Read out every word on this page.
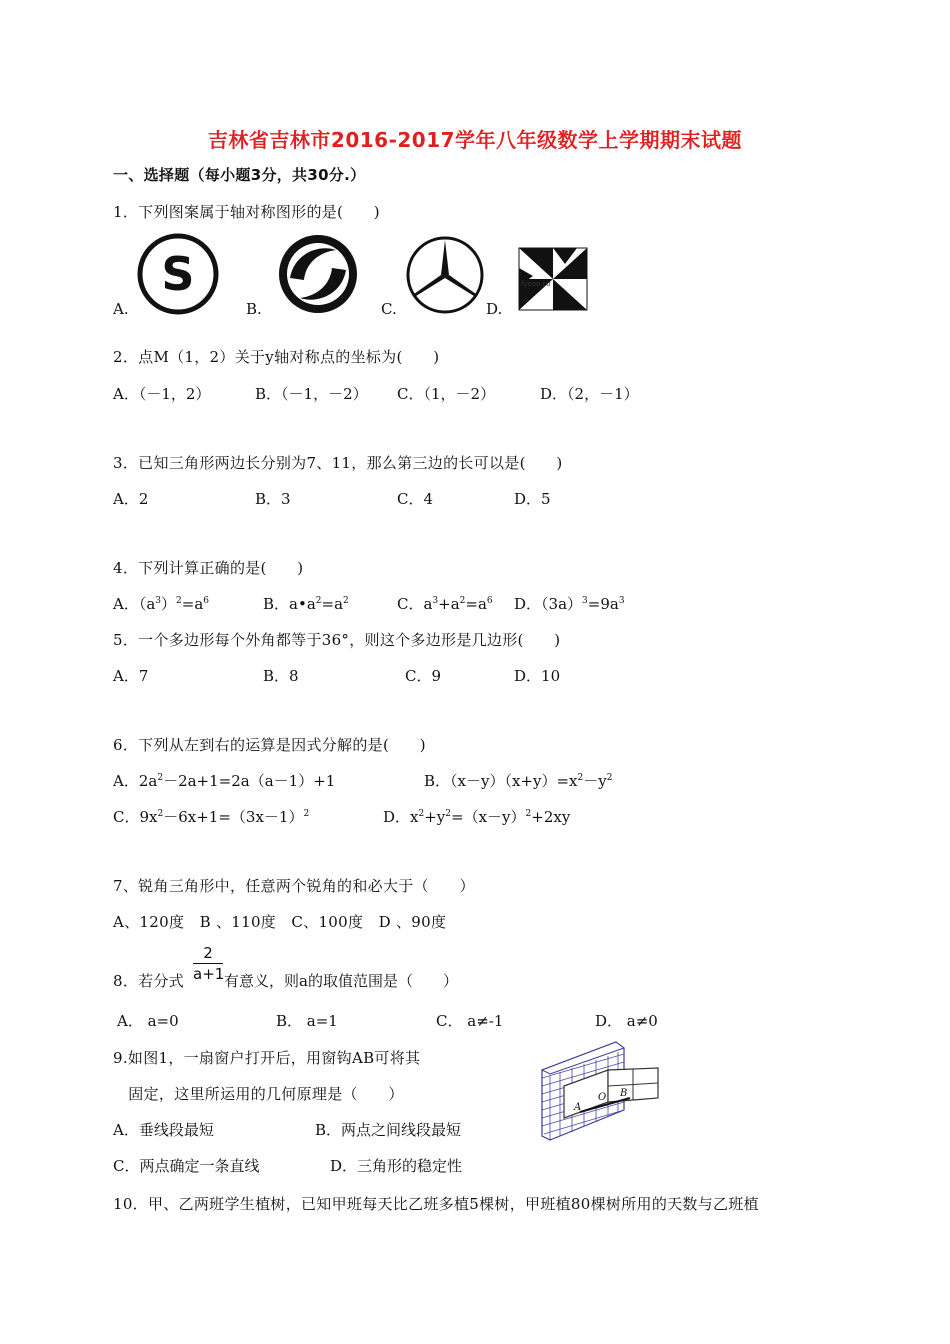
吉林省吉林市2016-2017学年八年级数学上学期期末试题
一、选择题（每小题3分，共30分.）
1．下列图案属于轴对称图形的是(　　)
S	fyeoo.co
A.	B.	C.	D.
2．点M（1，2）关于y轴对称点的坐标为(　　)
A．（－1，2）	B．（－1，－2） C．（1，－2）	D．（2，－1）
3．已知三角形两边长分别为7、11，那么第三边的长可以是(　　)
A．2	B．3	C．4	D．5
4．下列计算正确的是(　　)
A．$(a^3)^2=a^6$	B．$a•a^2=a^2$	C．$a^3+a^2=a^6$ D．$(3a)^3=9a^3$
5．一个多边形每个外角都等于36°，则这个多边形是几边形(　　)
A．7	B．8	C．9	D．10
6．下列从左到右的运算是因式分解的是(　　)
A．$2a^2-2a+1=2a(a-1)+1$	B．$(x-y)(x+y)=x^2-y^2$
C．$9x^2-6x+1=(3x-1)^2$	D．$x^2+y^2=(x-y)^2+2xy$
7、锐角三角形中，任意两个锐角的和必大于（　　）
A、120度　B 、110度　C、100度　D 、90度
2
a+1
8．若分式	有意义，则a的取值范围是（　　）
A． a=0	B． a=1	C． a≠-1	D． a≠0
9.如图1，一扇窗户打开后，用窗钩AB可将其
　固定，这里所运用的几何原理是（　　）
A．垂线段最短	B．两点之间线段最短
C．两点确定一条直线	D．三角形的稳定性
A
O B
10．甲、乙两班学生植树，已知甲班每天比乙班多植5棵树，甲班植80棵树所用的天数与乙班植
